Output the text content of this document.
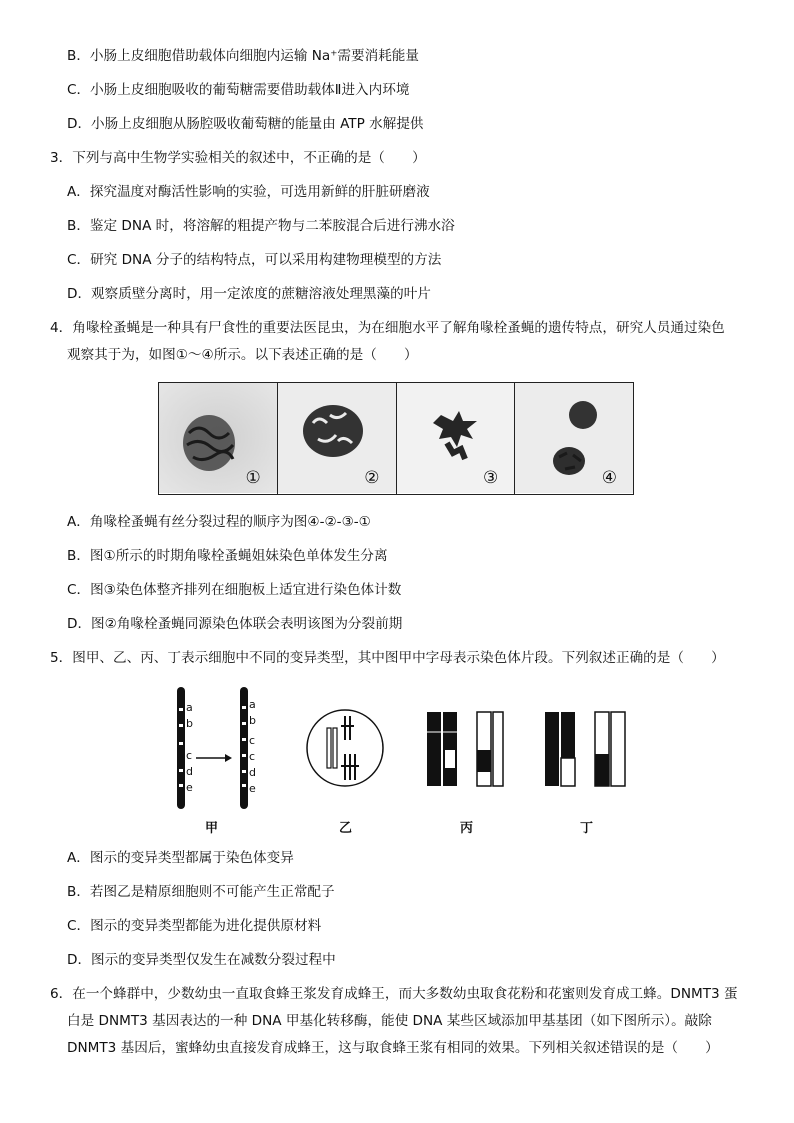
B．小肠上皮细胞借助载体向细胞内运输 Na⁺需要消耗能量
C．小肠上皮细胞吸收的葡萄糖需要借助载体Ⅱ进入内环境
D．小肠上皮细胞从肠腔吸收葡萄糖的能量由 ATP 水解提供
3．下列与高中生物学实验相关的叙述中，不正确的是（　　）
A．探究温度对酶活性影响的实验，可选用新鲜的肝脏研磨液
B．鉴定 DNA 时，将溶解的粗提产物与二苯胺混合后进行沸水浴
C．研究 DNA 分子的结构特点，可以采用构建物理模型的方法
D．观察质壁分离时，用一定浓度的蔗糖溶液处理黑藻的叶片
4．角喙栓蚤蝇是一种具有尸食性的重要法医昆虫，为在细胞水平了解角喙栓蚤蝇的遗传特点，研究人员通过染色
观察其于为，如图①～④所示。以下表述正确的是（　　）
①	②	③	④
A．角喙栓蚤蝇有丝分裂过程的顺序为图④-②-③-①
B．图①所示的时期角喙栓蚤蝇姐妹染色单体发生分离
C．图③染色体整齐排列在细胞板上适宜进行染色体计数
D．图②角喙栓蚤蝇同源染色体联会表明该图为分裂前期
5．图甲、乙、丙、丁表示细胞中不同的变异类型，其中图甲中字母表示染色体片段。下列叙述正确的是（　　）
a
b
c
d
e
a
b
c
c
d
e
甲	乙	丙	丁
A．图示的变异类型都属于染色体变异
B．若图乙是精原细胞则不可能产生正常配子
C．图示的变异类型都能为进化提供原材料
D．图示的变异类型仅发生在减数分裂过程中
6．在一个蜂群中，少数幼虫一直取食蜂王浆发育成蜂王，而大多数幼虫取食花粉和花蜜则发育成工蜂。DNMT3 蛋
白是 DNMT3 基因表达的一种 DNA 甲基化转移酶，能使 DNA 某些区域添加甲基基团（如下图所示）。敲除
DNMT3 基因后，蜜蜂幼虫直接发育成蜂王，这与取食蜂王浆有相同的效果。下列相关叙述错误的是（　　）
